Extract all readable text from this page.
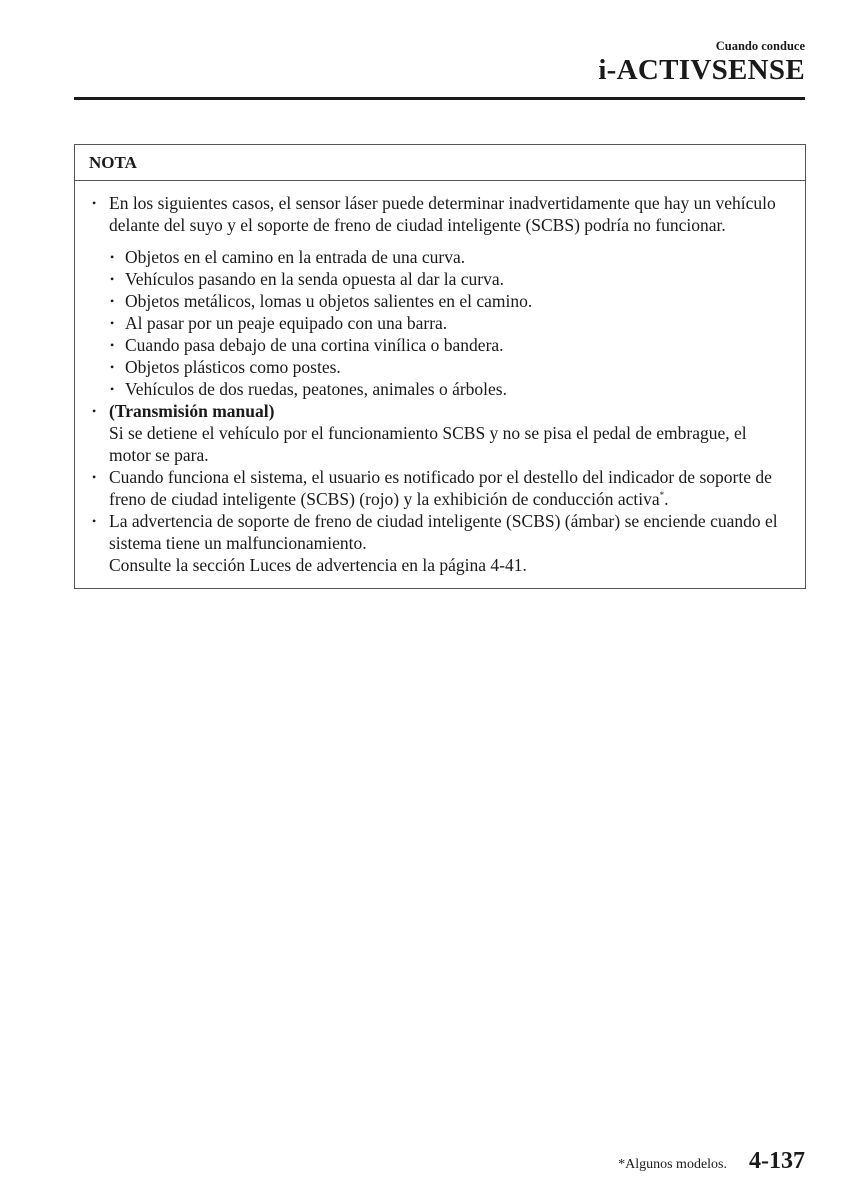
Cuando conduce
i-ACTIVSENSE
NOTA
• En los siguientes casos, el sensor láser puede determinar inadvertidamente que hay un vehículo delante del suyo y el soporte de freno de ciudad inteligente (SCBS) podría no funcionar.
• Objetos en el camino en la entrada de una curva.
• Vehículos pasando en la senda opuesta al dar la curva.
• Objetos metálicos, lomas u objetos salientes en el camino.
• Al pasar por un peaje equipado con una barra.
• Cuando pasa debajo de una cortina vinílica o bandera.
• Objetos plásticos como postes.
• Vehículos de dos ruedas, peatones, animales o árboles.
• (Transmisión manual)
Si se detiene el vehículo por el funcionamiento SCBS y no se pisa el pedal de embrague, el motor se para.
• Cuando funciona el sistema, el usuario es notificado por el destello del indicador de soporte de freno de ciudad inteligente (SCBS) (rojo) y la exhibición de conducción activa*.
• La advertencia de soporte de freno de ciudad inteligente (SCBS) (ámbar) se enciende cuando el sistema tiene un malfuncionamiento.
Consulte la sección Luces de advertencia en la página 4-41.
*Algunos modelos. 4-137
